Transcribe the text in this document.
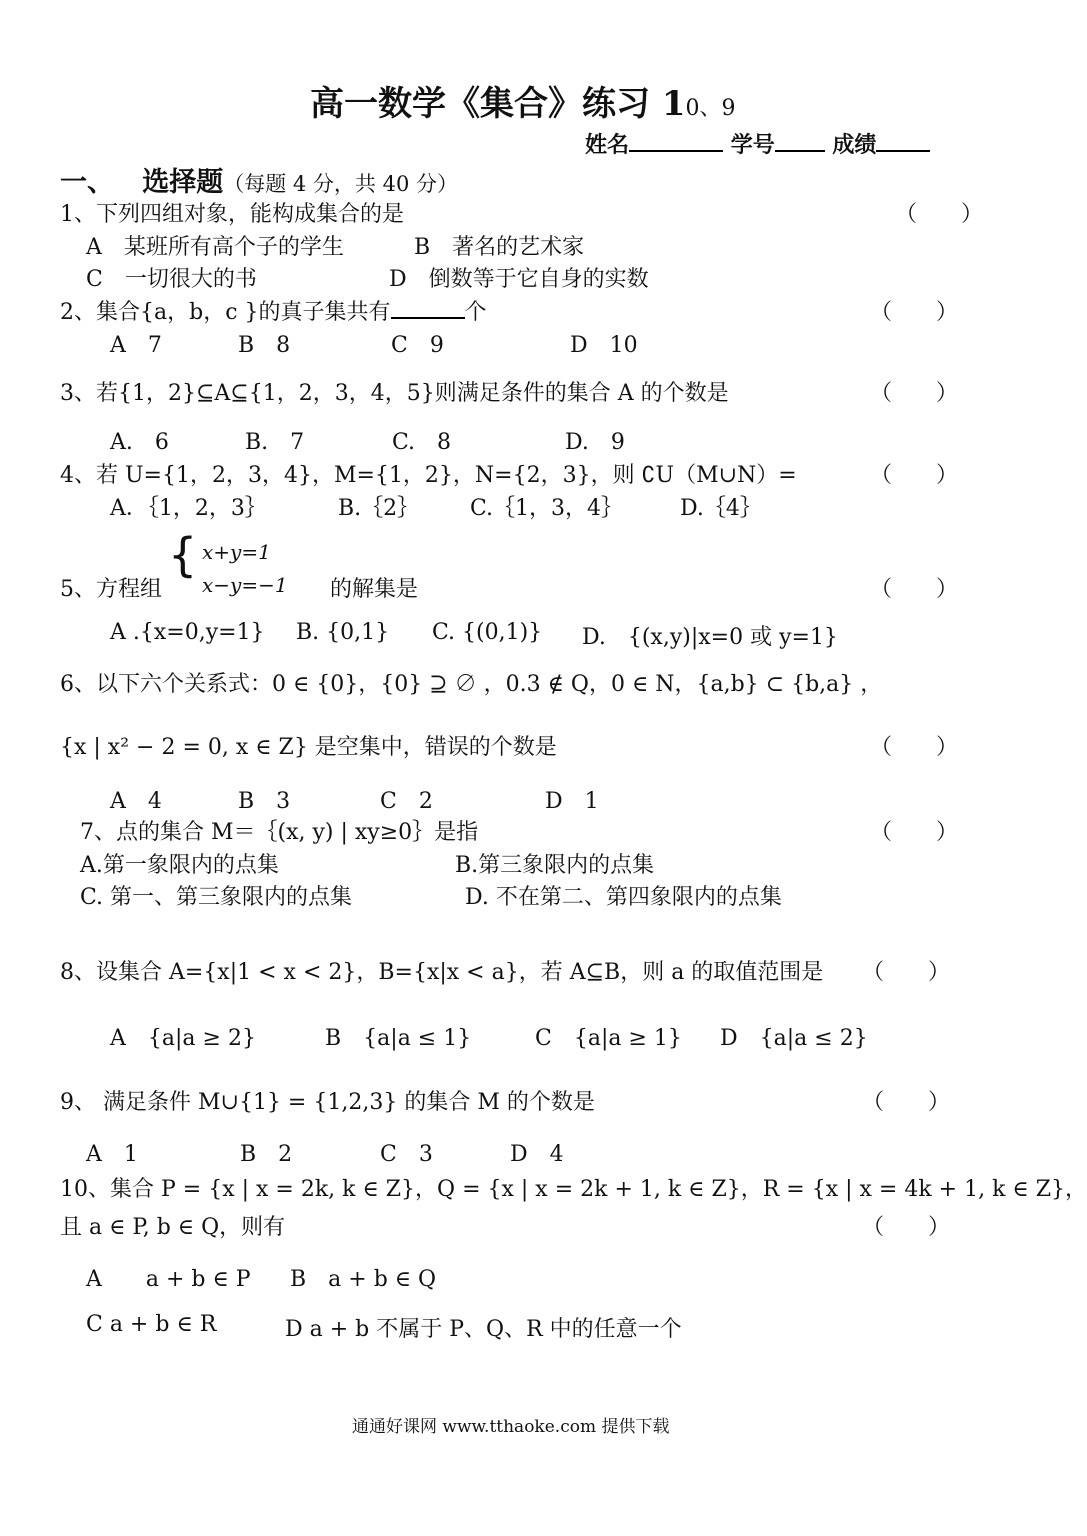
高一数学《集合》练习 10、9
姓名	学号	成绩
一、 选择题（每题 4 分，共 40 分）
1、下列四组对象，能构成集合的是	（　　）
A　某班所有高个子的学生	B　著名的艺术家
C　一切很大的书	D　倒数等于它自身的实数
2、集合{a，b，c }的真子集共有	个	（　　）
A　7	B　8	C　9	D　10
3、若{1，2}⊆A⊆{1，2，3，4，5}则满足条件的集合 A 的个数是	（　　）
A.　6	B.　7	C.　8	D.　9
4、若 U={1，2，3，4}，M={1，2}，N={2，3}，则 ∁U（M∪N）=	（　　）
A．｛1，2，3｝	B.｛2｝ C.｛1，3，4｝	D.｛4｝
5、方程组
{ x+y=1
x−y=−1 的解集是	（　　）
A .{x=0,y=1} B. {0,1} C. {(0,1)} D.　{(x,y)|x=0 或 y=1}
6、以下六个关系式：0 ∈ {0}，{0} ⊇ ∅ ，0.3 ∉ Q，0 ∈ N，{a,b} ⊂ {b,a} ，
{x | x² − 2 = 0, x ∈ Z} 是空集中，错误的个数是	（　　）
A　4	B　3	C　2	D　1
7、点的集合 M＝｛(x, y) | xy≥0｝是指	（　　）
A.第一象限内的点集	B.第三象限内的点集
C. 第一、第三象限内的点集	D. 不在第二、第四象限内的点集
8、设集合 A={x|1 < x < 2}，B={x|x < a}，若 A⊆B，则 a 的取值范围是 （　　）
A　{a|a ≥ 2}	B　{a|a ≤ 1}	C　{a|a ≥ 1} D　{a|a ≤ 2}
9、 满足条件 M∪{1} = {1,2,3} 的集合 M 的个数是	（　　）
A　1	B　2	C　3	D　4
10、集合 P = {x | x = 2k, k ∈ Z}，Q = {x | x = 2k + 1, k ∈ Z}，R = {x | x = 4k + 1, k ∈ Z}，
且 a ∈ P, b ∈ Q，则有	（　　）
A　　a + b ∈ P B　a + b ∈ Q
C a + b ∈ R	D a + b 不属于 P、Q、R 中的任意一个
通通好课网 www.tthaoke.com 提供下载
